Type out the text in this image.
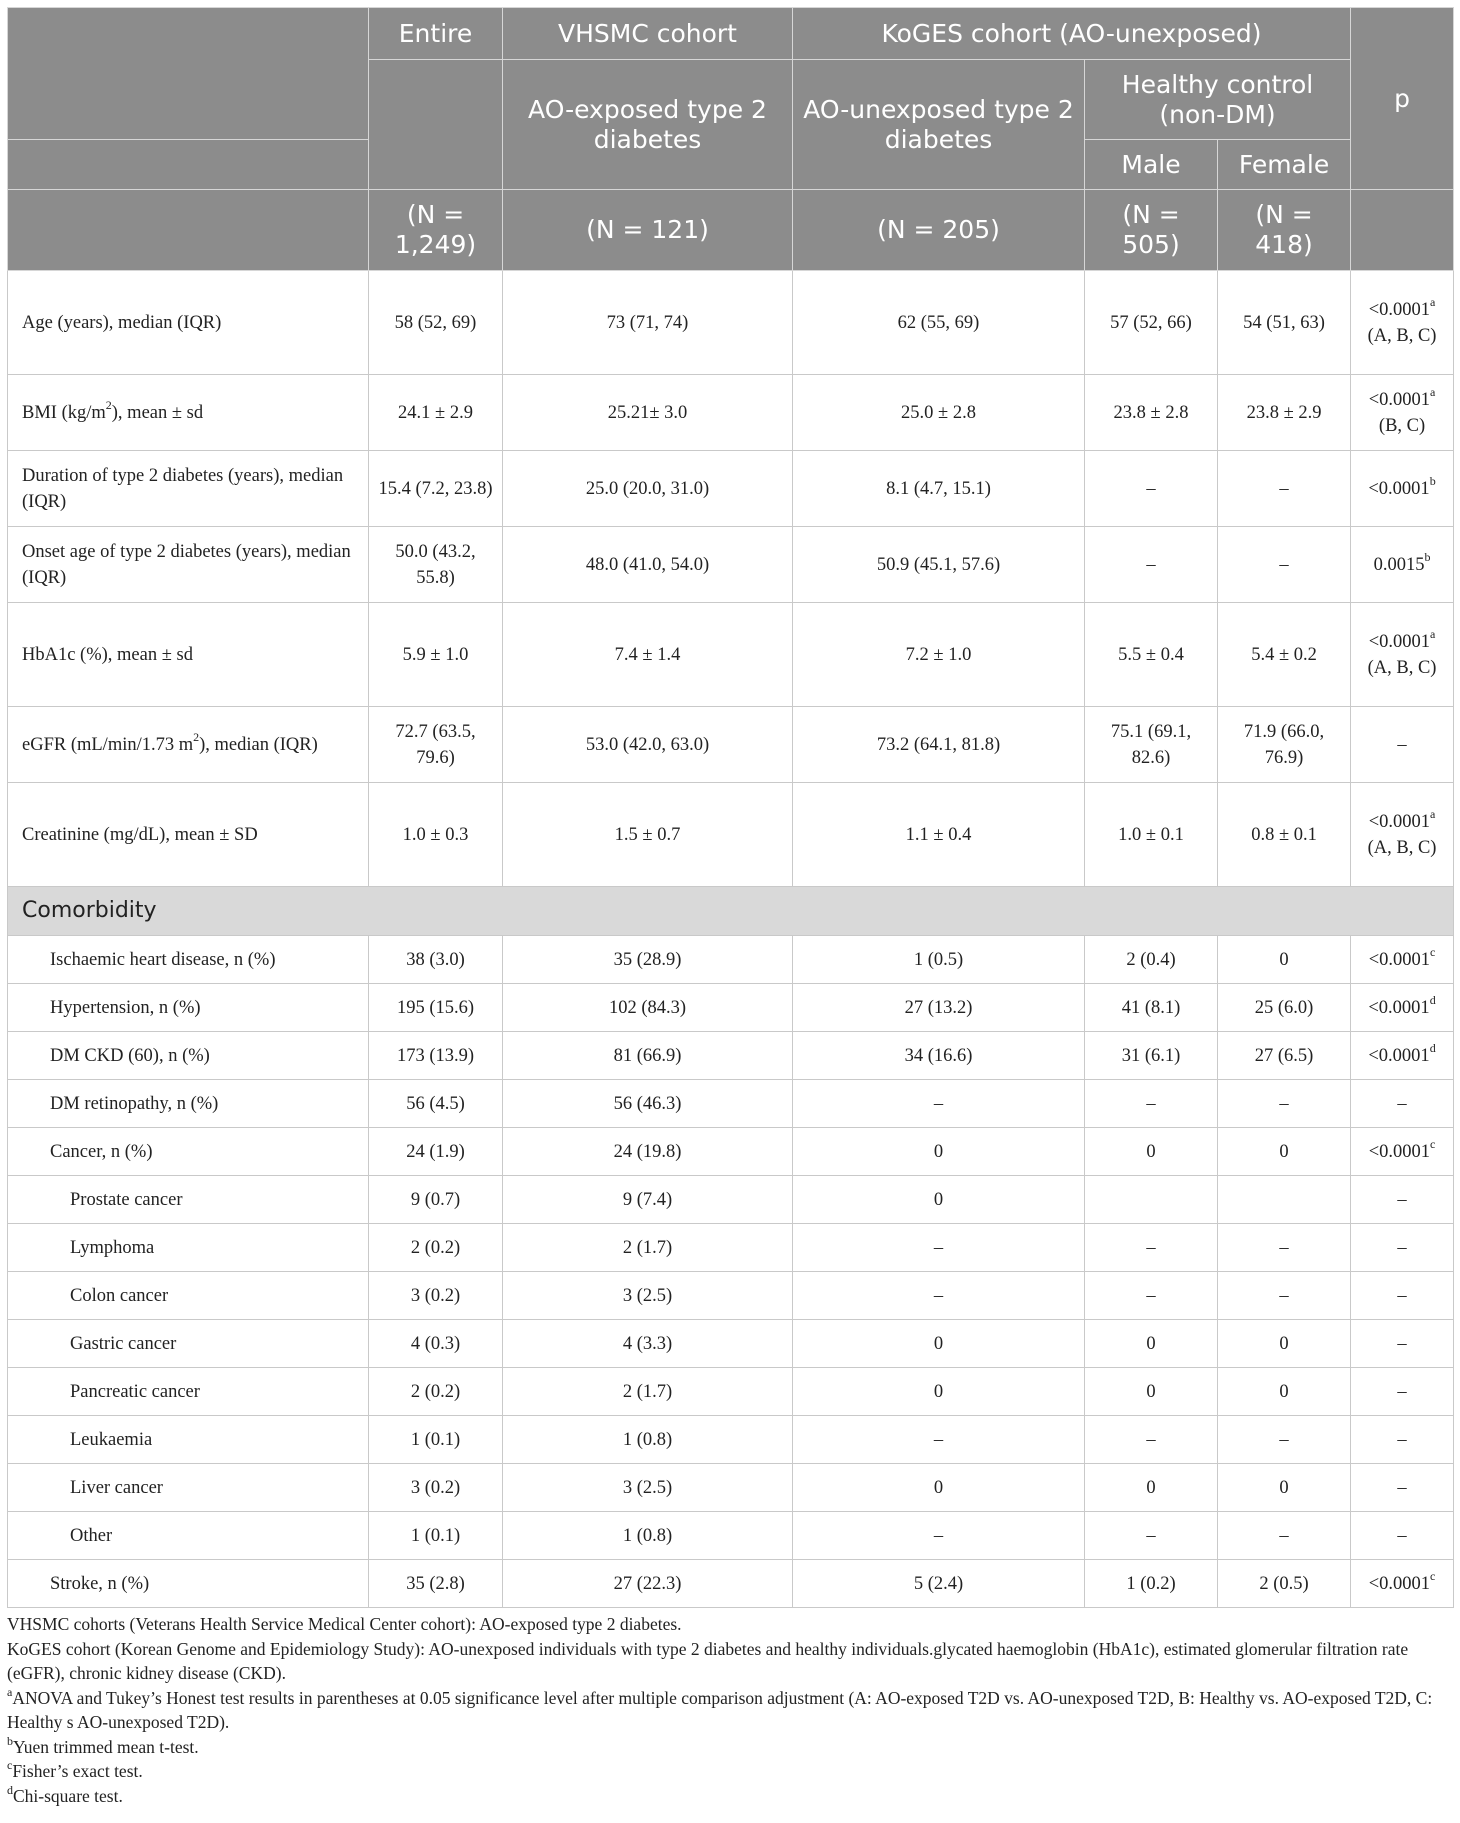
	Entire	VHSMC cohort	KoGES cohort (AO-unexposed)			p
		AO-exposed type 2 diabetes	AO-unexposed type 2 diabetes	Healthy control (non-DM)		
				Male	Female	
	(N = 1,249)	(N = 121)	(N = 205)	(N = 505)	(N = 418)	
Age (years), median (IQR)	58 (52, 69)	73 (71, 74)	62 (55, 69)	57 (52, 66)	54 (51, 63)	<0.0001$^a$ (A, B, C)
BMI $(kg/m^2)$, mean ± sd	24.1 ± 2.9	25.21± 3.0	25.0 ± 2.8	23.8 ± 2.8	23.8 ± 2.9	<0.0001$^a$ (B, C)
Duration of type 2 diabetes (years), median (IQR)	15.4 (7.2, 23.8)	25.0 (20.0, 31.0)	8.1 (4.7, 15.1)	–	–	<0.0001$^b$
Onset age of type 2 diabetes (years), median (IQR)	50.0 (43.2, 55.8)	48.0 (41.0, 54.0)	50.9 (45.1, 57.6)	–	–	0.0015$^b$
HbA1c (%), mean ± sd	5.9 ± 1.0	7.4 ± 1.4	7.2 ± 1.0	5.5 ± 0.4	5.4 ± 0.2	<0.0001$^a$ (A, B, C)
eGFR (mL/min/1.73 $m^2$), median (IQR)	72.7 (63.5, 79.6)	53.0 (42.0, 63.0)	73.2 (64.1, 81.8)	75.1 (69.1, 82.6)	71.9 (66.0, 76.9)	–
Creatinine (mg/dL), mean ± SD	1.0 ± 0.3	1.5 ± 0.7	1.1 ± 0.4	1.0 ± 0.1	0.8 ± 0.1	<0.0001$^a$ (A, B, C)
Comorbidity						
Ischaemic heart disease, n (%)	38 (3.0)	35 (28.9)	1 (0.5)	2 (0.4)	0	<0.0001$^c$
Hypertension, n (%)	195 (15.6)	102 (84.3)	27 (13.2)	41 (8.1)	25 (6.0)	<0.0001$^d$
DM CKD (60), n (%)	173 (13.9)	81 (66.9)	34 (16.6)	31 (6.1)	27 (6.5)	<0.0001$^d$
DM retinopathy, n (%)	56 (4.5)	56 (46.3)	–	–	–	–
Cancer, n (%)	24 (1.9)	24 (19.8)	0	0	0	<0.0001$^c$
Prostate cancer	9 (0.7)	9 (7.4)	0			–
Lymphoma	2 (0.2)	2 (1.7)	–	–	–	–
Colon cancer	3 (0.2)	3 (2.5)	–	–	–	–
Gastric cancer	4 (0.3)	4 (3.3)	0	0	0	–
Pancreatic cancer	2 (0.2)	2 (1.7)	0	0	0	–
Leukaemia	1 (0.1)	1 (0.8)	–	–	–	–
Liver cancer	3 (0.2)	3 (2.5)	0	0	0	–
Other	1 (0.1)	1 (0.8)	–	–	–	–
Stroke, n (%)	35 (2.8)	27 (22.3)	5 (2.4)	1 (0.2)	2 (0.5)	<0.0001$^c$

VHSMC cohorts (Veterans Health Service Medical Center cohort): AO-exposed type 2 diabetes.

KoGES cohort (Korean Genome and Epidemiology Study): AO-unexposed individuals with type 2 diabetes and healthy individuals.glycated haemoglobin (HbA1c), estimated glomerular filtration rate (eGFR), chronic kidney disease (CKD).

$^a$ANOVA and Tukey’s Honest test results in parentheses at 0.05 significance level after multiple comparison adjustment (A: AO-exposed T2D vs. AO-unexposed T2D, B: Healthy vs. AO-exposed T2D, C: Healthy s AO-unexposed T2D).

$^b$Yuen trimmed mean t-test.

$^c$Fisher’s exact test.

$^d$Chi-square test.
